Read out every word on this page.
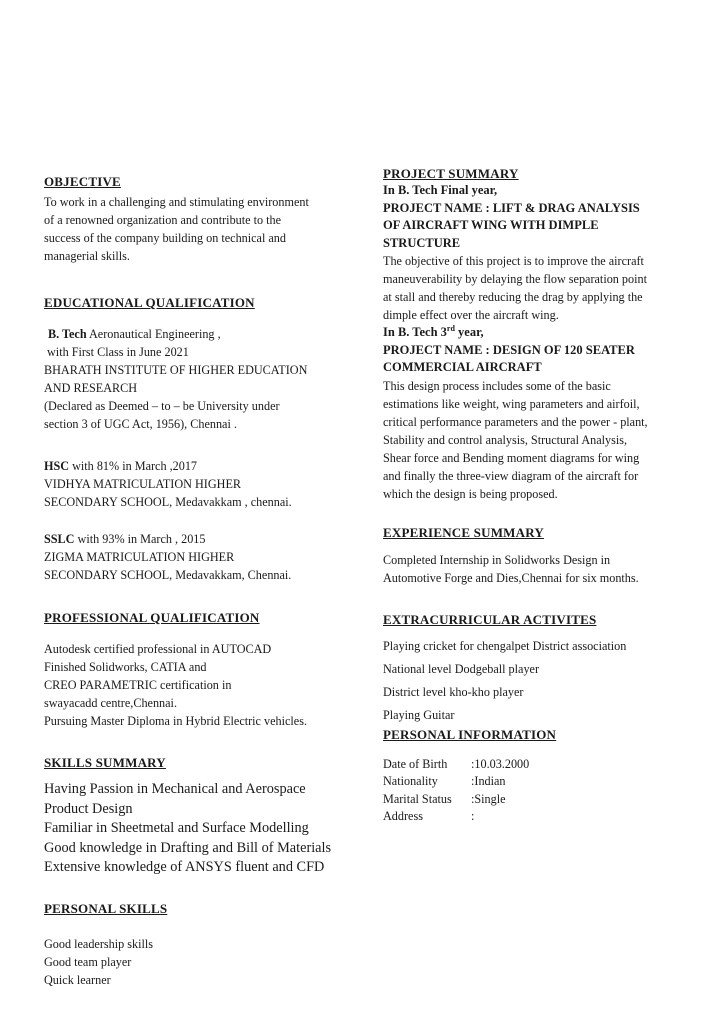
OBJECTIVE

To work in a challenging and stimulating environment

of a renowned organization and contribute to the

success of the company building on technical and

managerial skills.

EDUCATIONAL QUALIFICATION

B. Tech Aeronautical Engineering ,

with First Class in June 2021

BHARATH INSTITUTE OF HIGHER EDUCATION

AND RESEARCH

(Declared as Deemed – to – be University under

section 3 of UGC Act, 1956), Chennai .

HSC with 81% in March ,2017

VIDHYA MATRICULATION HIGHER

SECONDARY SCHOOL, Medavakkam , chennai.

SSLC with 93% in March , 2015

ZIGMA MATRICULATION HIGHER

SECONDARY SCHOOL, Medavakkam, Chennai.

PROFESSIONAL QUALIFICATION

Autodesk certified professional in AUTOCAD

Finished Solidworks, CATIA and

CREO PARAMETRIC certification in

swayacadd centre,Chennai.

Pursuing Master Diploma in Hybrid Electric vehicles.

SKILLS SUMMARY

Having Passion in Mechanical and Aerospace

Product Design

Familiar in Sheetmetal and Surface Modelling

Good knowledge in Drafting and Bill of Materials

Extensive knowledge of ANSYS fluent and CFD

PERSONAL SKILLS

Good leadership skills

Good team player

Quick learner

PROJECT SUMMARY

In B. Tech Final year,

PROJECT NAME : LIFT & DRAG ANALYSIS

OF AIRCRAFT WING WITH DIMPLE

STRUCTURE

The objective of this project is to improve the aircraft

maneuverability by delaying the flow separation point

at stall and thereby reducing the drag by applying the

dimple effect over the aircraft wing.

In B. Tech 3rd year,

PROJECT NAME : DESIGN OF 120 SEATER

COMMERCIAL AIRCRAFT

This design process includes some of the basic

estimations like weight, wing parameters and airfoil,

critical performance parameters and the power - plant,

Stability and control analysis, Structural Analysis,

Shear force and Bending moment diagrams for wing

and finally the three-view diagram of the aircraft for

which the design is being proposed.

EXPERIENCE SUMMARY

Completed Internship in Solidworks Design in

Automotive Forge and Dies,Chennai for six months.

EXTRACURRICULAR ACTIVITES

Playing cricket for chengalpet District association

National level Dodgeball player

District level kho-kho player

Playing Guitar

PERSONAL INFORMATION

Date of Birth	:10.03.2000
Nationality	:Indian
Marital Status	:Single
Address	:
